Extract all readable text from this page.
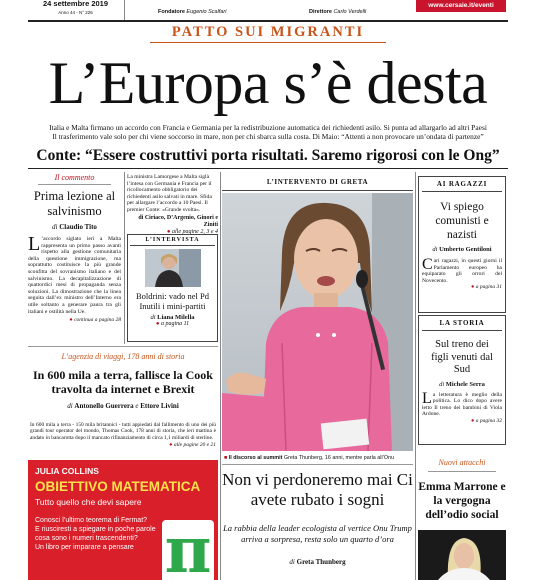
24 settembre 2019
Anno 44 - N° 226	Fondatore Eugenio Scalfari	Direttore Carlo Verdelli
www.cersaie.it/eventi
PATTO SUI MIGRANTI
L’Europa s’è desta
Italia e Malta firmano un accordo con Francia e Germania per la redistribuzione automatica dei richiedenti asilo. Si punta ad allargarlo ad altri Paesi
Il trasferimento vale solo per chi viene soccorso in mare, non per chi sbarca sulla costa. Di Maio: “Attenti a non provocare un’ondata di partenze”
Conte: “Essere costruttivi porta risultati. Saremo rigorosi con le Ong”
Il commento
Prima lezione al salvinismo
di Claudio Tito
L ’accordo siglato ieri a Malta rappresenta un primo passo avanti rispetto alla gestione comunitaria della questione immigrazione, ma soprattutto costituisce la più grande sconfitta del sovranismo italiano e del salvinismo. La decapitalizzazione di quattordici mesi di propaganda senza soluzioni. La dimostrazione che la linea seguita dall’ex ministro dell’Interno era utile soltanto a generare paura tra gli italiani e ostilità nella Ue.
● continua a pagina 28
La ministra Lamorgese a Malta siglà l’intesa con Germania e Francia per il ricollocamento obbligatorio dei richiedenti asilo salvati in mare. Sfida per allargare l’accordo a 10 Paesi. Il premier Conte: «Grande svolta».
di Ciriaco, D’Argenio, Ginori e Ziniti
● alle pagine 2, 3 e 4
L’INTERVISTA
Boldrini: vado nel Pd Inutili i mini-partiti
di Liana Milella
● a pagina 11
L’INTERVENTO DI GRETA
■ Il discorso al summit Greta Thunberg, 16 anni, mentre parla all’Onu
Non vi perdoneremo mai Ci avete rubato i sogni
La rabbia della leader ecologista al vertice Onu Trump arriva a sorpresa, resta solo un quarto d’ora
di Greta Thunberg
AI RAGAZZI
Vi spiego comunisti e nazisti
di Umberto Gentiloni
Cari ragazzi, in questi giorni il Parlamento europeo ha equiparato gli orrori del Novecento.
● a pagina 31
LA STORIA
Sul treno dei figli venuti dal Sud
di Michele Serra
La letteratura è meglio della politica. Lo dico dopo avere letto Il treno dei bambini di Viola Ardone.
● a pagina 32
Nuovi attacchi
Emma Marrone e la vergogna dell’odio social
L’agenzia di viaggi, 178 anni di storia
In 600 mila a terra, fallisce la Cook travolta da internet e Brexit
di Antonello Guerrera e Ettore Livini
In 600 mila a terra - 150 mila britannici - tutti appiedati dal fallimento di uno dei più grandi tour operator del mondo, Thomas Cook, 178 anni di storia, che ieri mattina è andato in bancarotta dopo il mancato rifinanziamento di circa 1,1 miliardi di sterline.
● alle pagine 20 e 21
JULIA COLLINS
OBIETTIVO MATEMATICA
Tutto quello che devi sapere
Conosci l’ultimo teorema di Fermat?
E riusciresti a spiegare in poche parole cosa sono i numeri trascendenti?
Un libro per imparare a pensare π
